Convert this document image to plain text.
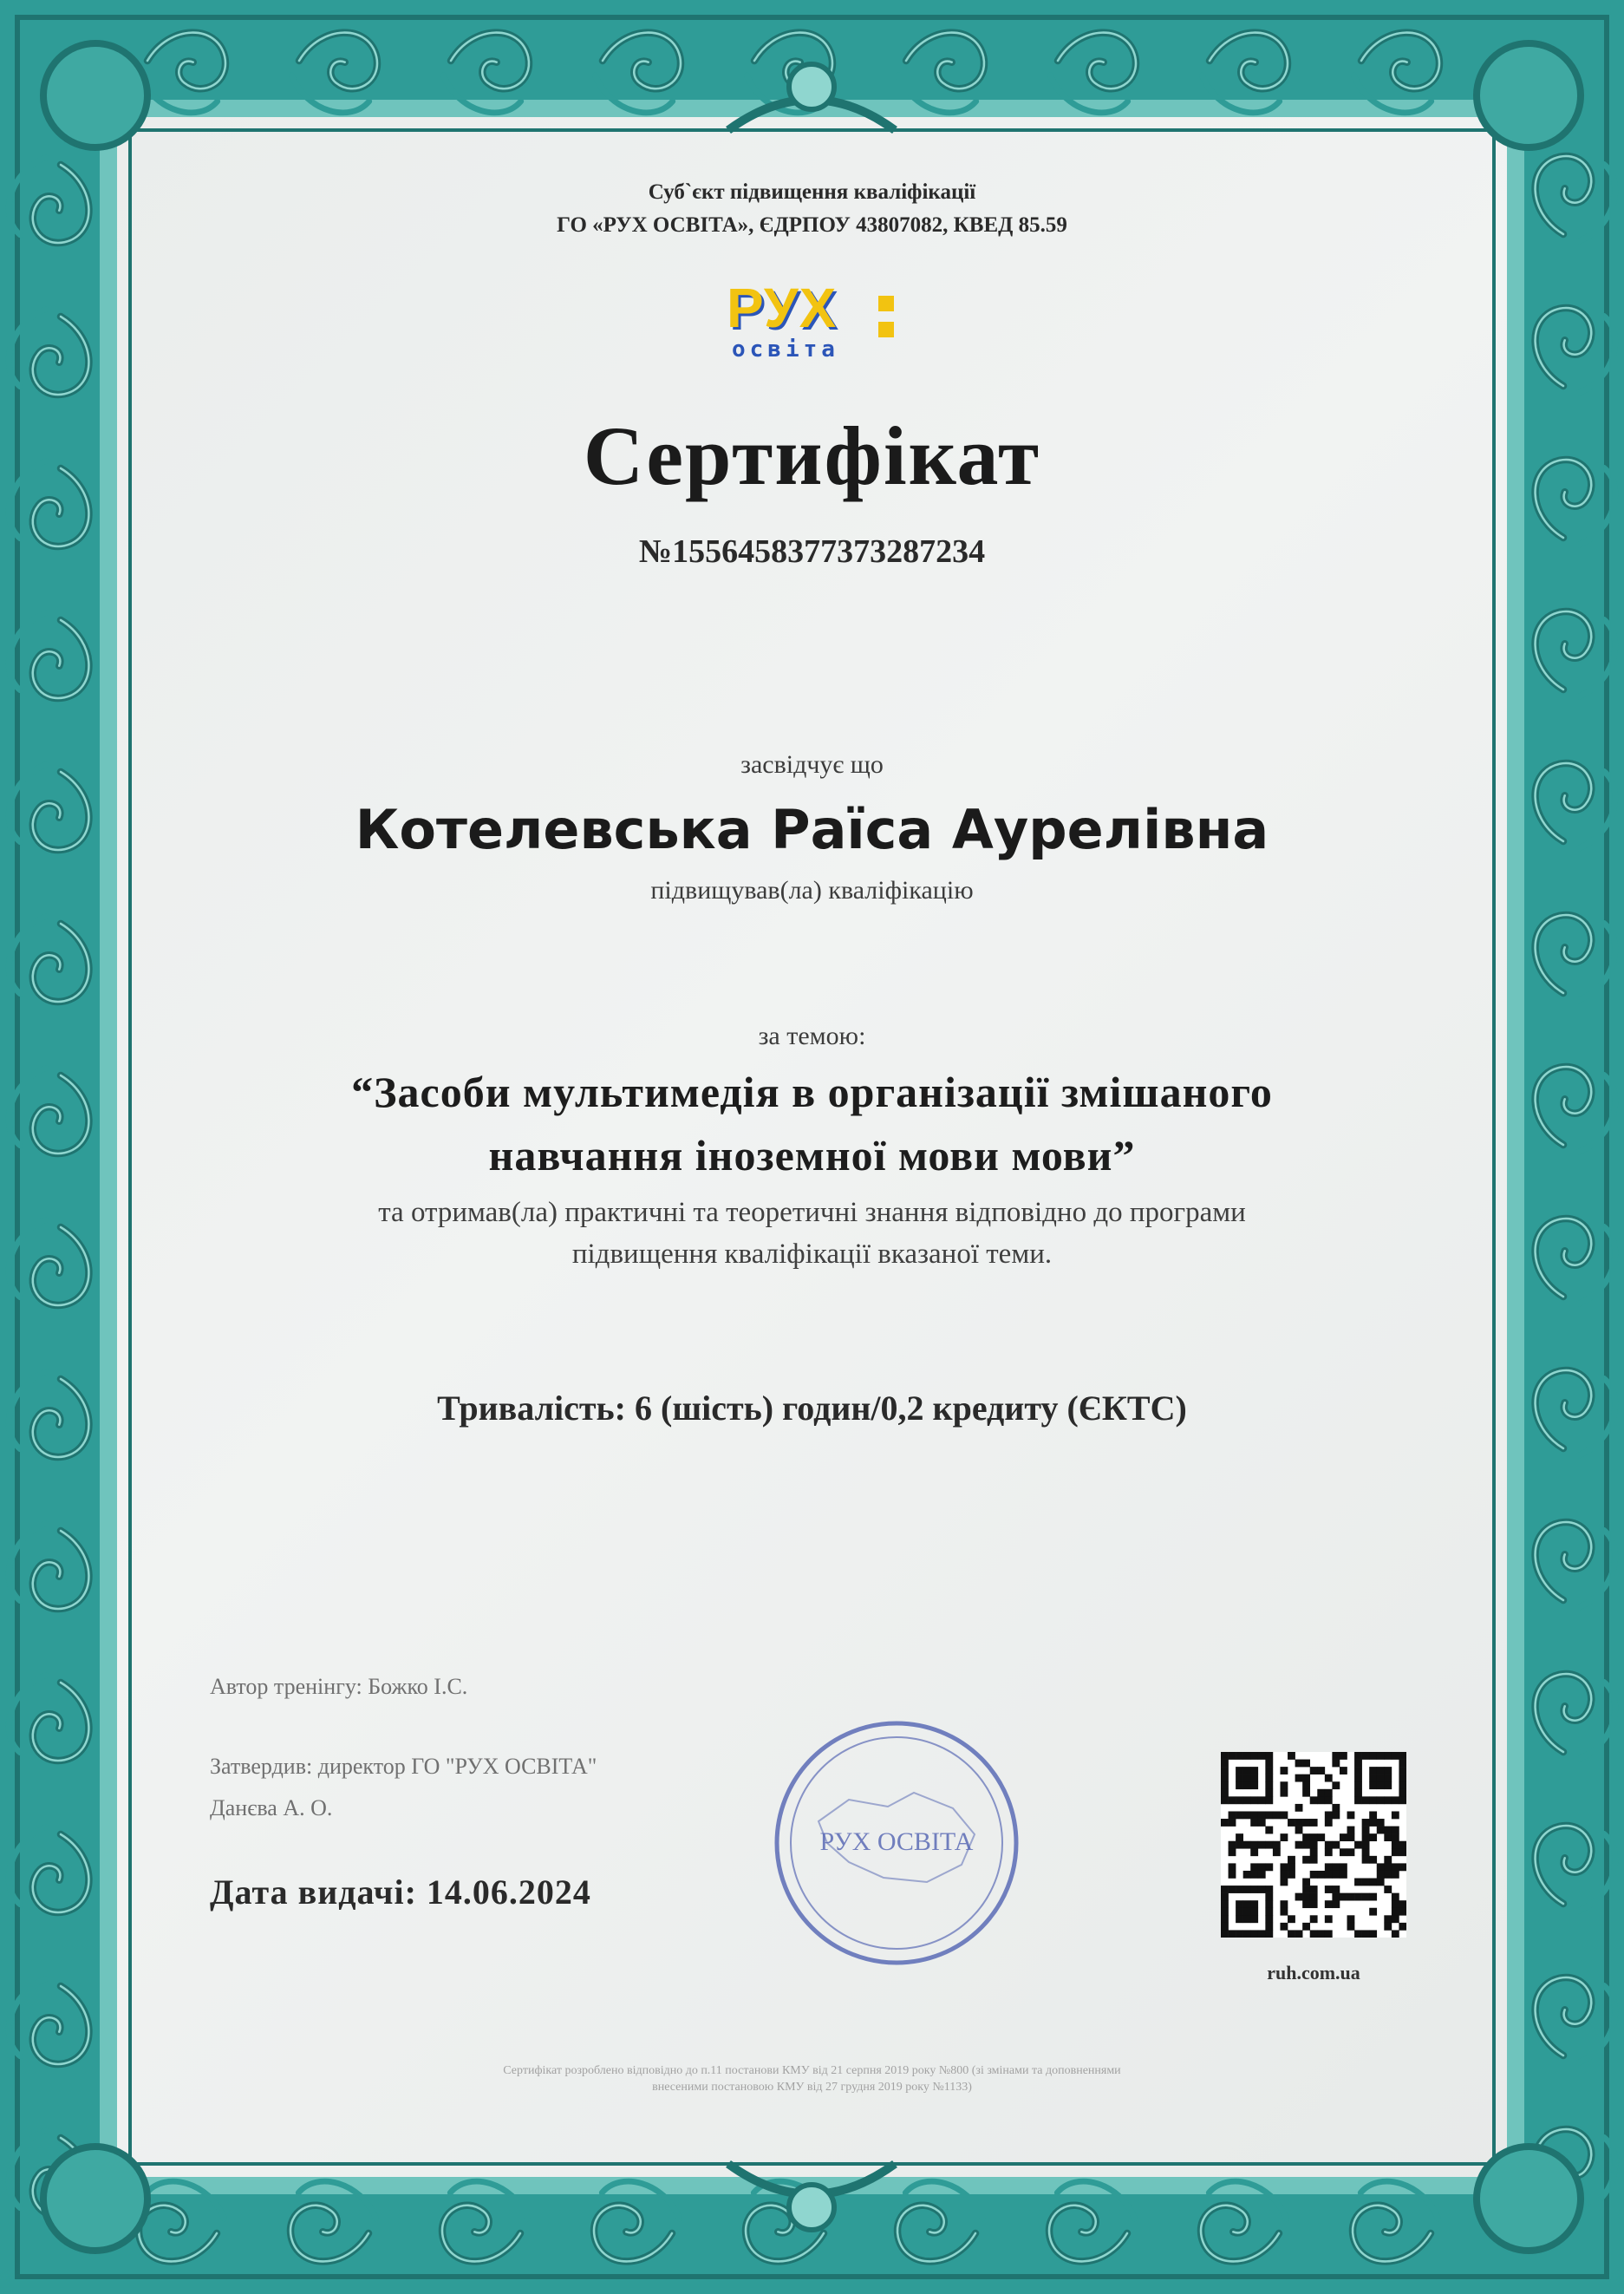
Суб`єкт підвищення кваліфікації
ГО «РУХ ОСВІТА», ЄДРПОУ 43807082, КВЕД 85.59
РУХ
освіта
Сертифікат
№1556458377373287234
засвідчує що
Котелевська Раїса Аурелівна
підвищував(ла) кваліфікацію
за темою:
“Засоби мультимедія в організації змішаного
навчання іноземної мови мови”
та отримав(ла) практичні та теоретичні знання відповідно до програми
підвищення кваліфікації вказаної теми.
Тривалість: 6 (шість) годин/0,2 кредиту (ЄКТС)
Автор тренінгу: Божко І.С.
Затвердив: директор ГО "РУХ ОСВІТА"
Данєва А. О.
Дата видачі: 14.06.2024
РУХ ОСВІТА
ruh.com.ua
Сертифікат розроблено відповідно до п.11 постанови КМУ від 21 серпня 2019 року №800 (зі змінами та доповненнями
внесеними постановою КМУ від 27 грудня 2019 року №1133)
